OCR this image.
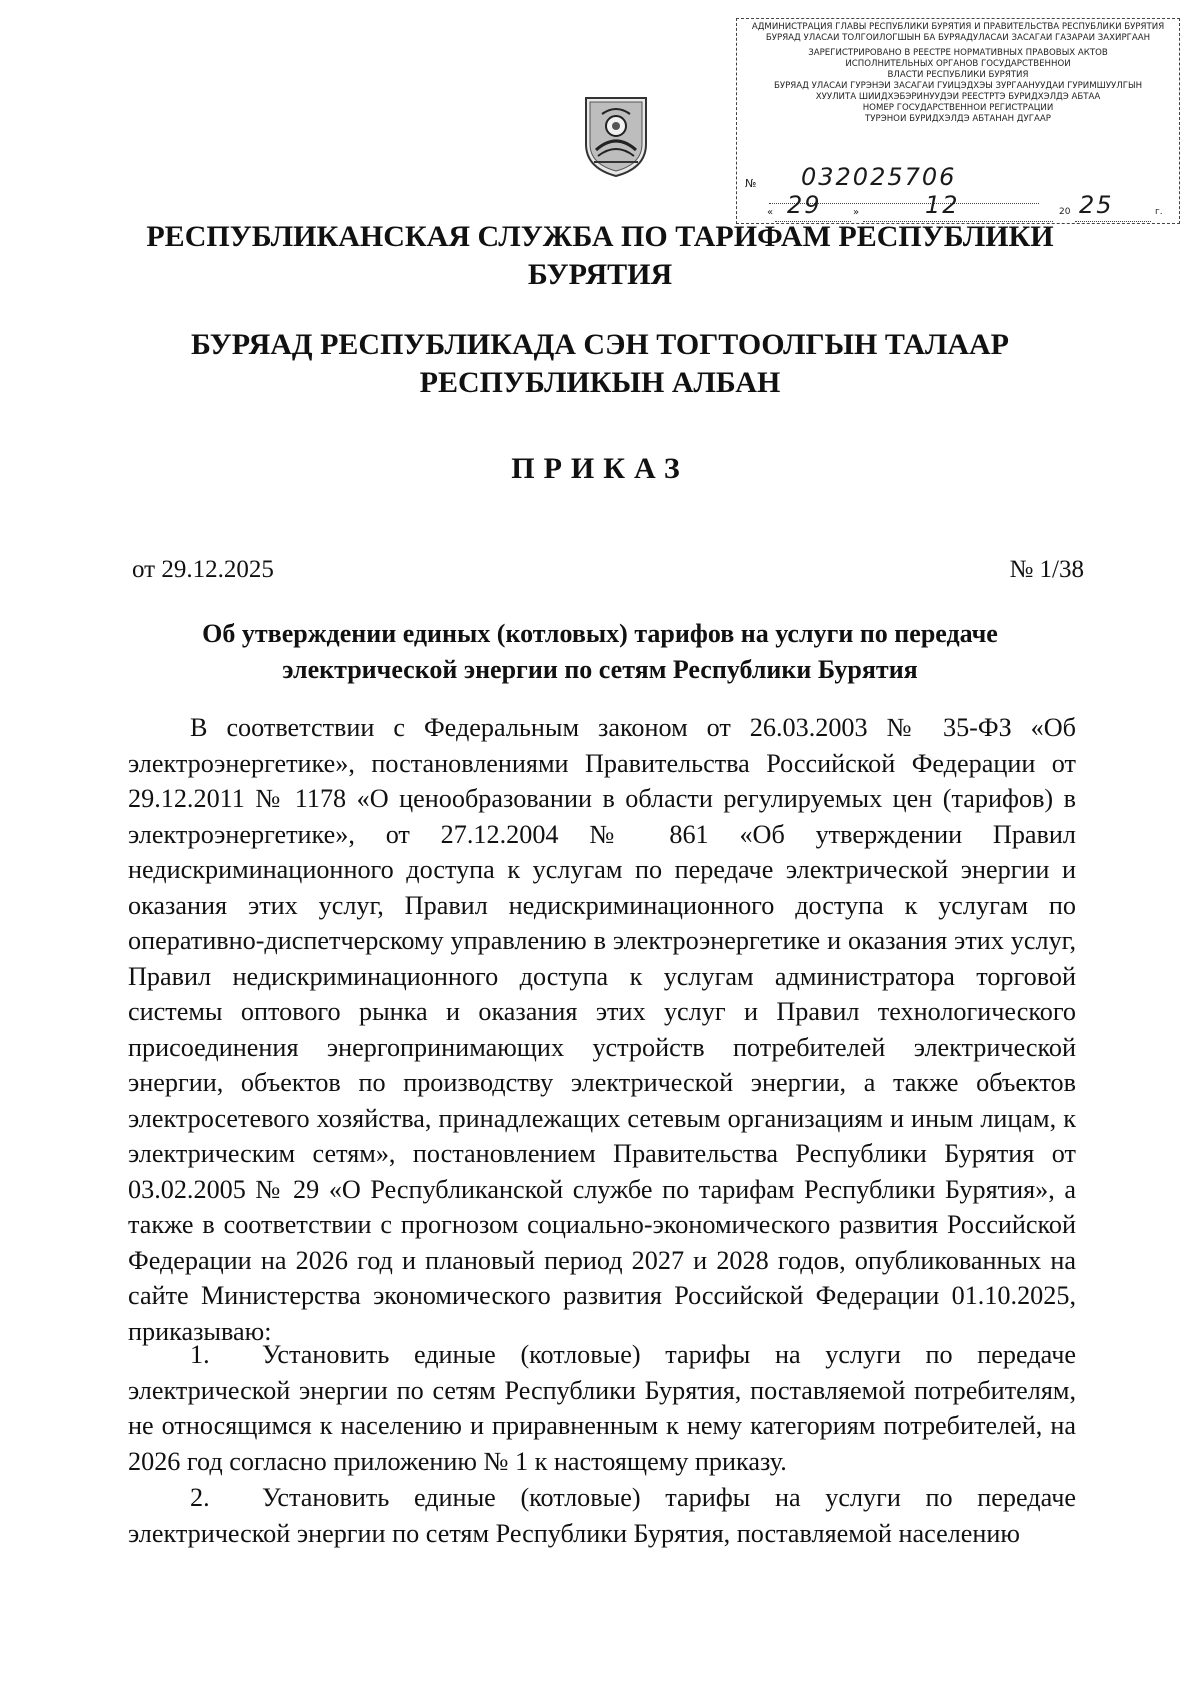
АДМИНИСТРАЦИЯ ГЛАВЫ РЕСПУБЛИКИ БУРЯТИЯ И ПРАВИТЕЛЬСТВА РЕСПУБЛИКИ БУРЯТИЯ
БУРЯАД УЛАСАЙ ТОЛГОЙЛОГШЫН БА БУРЯАДУЛАСАЙ ЗАСАГАЙ ГАЗАРАЙ ЗАХИРГААН
ЗАРЕГИСТРИРОВАНО В РЕЕСТРЕ НОРМАТИВНЫХ ПРАВОВЫХ АКТОВ
ИСПОЛНИТЕЛЬНЫХ ОРГАНОВ ГОСУДАРСТВЕННОЙ
ВЛАСТИ РЕСПУБЛИКИ БУРЯТИЯ
БУРЯАД УЛАСАЙ ГУРЭНЭЙ ЗАСАГАЙ ГУЙЦЭДХЭЫ ЗУРГААНУУДАЙ ГУРИМШУУЛГЫН
ХУУЛИТА ШИИДХЭБЭРИНУУДЭЙ РЕЕСТРТЭ БУРИДХЭЛДЭ АБТАА
НОМЕР ГОСУДАРСТВЕННОЙ РЕГИСТРАЦИИ
ТУРЭНОЙ БУРИДХЭЛДЭ АБТАНАН ДУГААР
№ 032025706
« 29	»	12	20 25	г.
РЕСПУБЛИКАНСКАЯ СЛУЖБА ПО ТАРИФАМ РЕСПУБЛИКИ
БУРЯТИЯ
БУРЯАД РЕСПУБЛИКАДА СЭН ТОГТООЛГЫН ТАЛААР
РЕСПУБЛИКЫН АЛБАН
ПРИКАЗ
от 29.12.2025	№ 1/38
Об утверждении единых (котловых) тарифов на услуги по передаче
электрической энергии по сетям Республики Бурятия
В соответствии с Федеральным законом от 26.03.2003 № 35-ФЗ «Об электроэнергетике», постановлениями Правительства Российской Федерации от 29.12.2011 № 1178 «О ценообразовании в области регулируемых цен (тарифов) в электроэнергетике», от 27.12.2004 № 861 «Об утверждении Правил недискриминационного доступа к услугам по передаче электрической энергии и оказания этих услуг, Правил недискриминационного доступа к услугам по оперативно-диспетчерскому управлению в электроэнергетике и оказания этих услуг, Правил недискриминационного доступа к услугам администратора торговой системы оптового рынка и оказания этих услуг и Правил технологического присоединения энергопринимающих устройств потребителей электрической энергии, объектов по производству электрической энергии, а также объектов электросетевого хозяйства, принадлежащих сетевым организациям и иным лицам, к электрическим сетям», постановлением Правительства Республики Бурятия от 03.02.2005 № 29 «О Республиканской службе по тарифам Республики Бурятия», а также в соответствии с прогнозом социально-экономического развития Российской Федерации на 2026 год и плановый период 2027 и 2028 годов, опубликованных на сайте Министерства экономического развития Российской Федерации 01.10.2025, приказываю:
1. Установить единые (котловые) тарифы на услуги по передаче электрической энергии по сетям Республики Бурятия, поставляемой потребителям, не относящимся к населению и приравненным к нему категориям потребителей, на 2026 год согласно приложению № 1 к настоящему приказу.
2. Установить единые (котловые) тарифы на услуги по передаче электрической энергии по сетям Республики Бурятия, поставляемой населению
